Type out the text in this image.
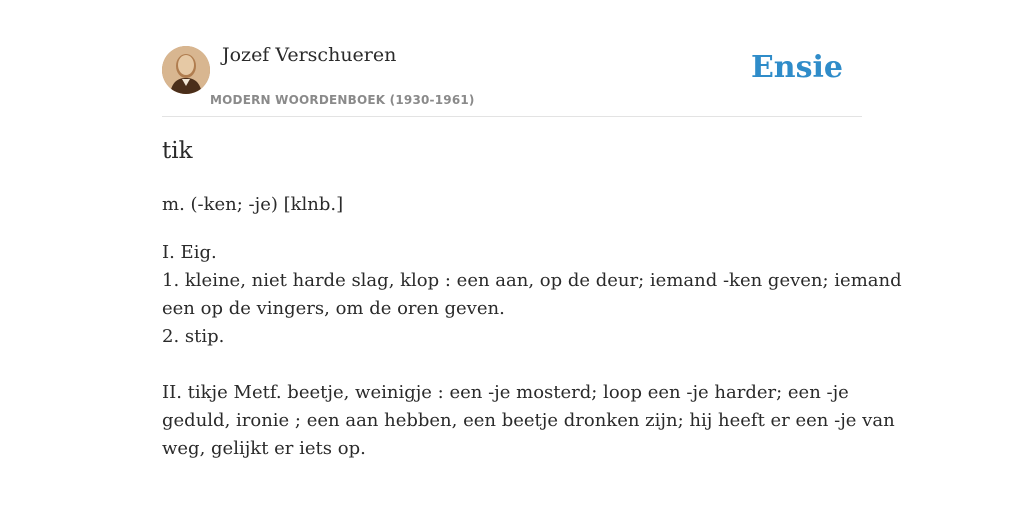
Jozef Verschueren
MODERN WOORDENBOEK (1930-1961)
Ensie
tik
m. (-ken; -je) [klnb.]
I. Eig.
1. kleine, niet harde slag, klop : een aan, op de deur; iemand -ken geven; iemand
een op de vingers, om de oren geven.
2. stip.
II. tikje Metf. beetje, weinigje : een -je mosterd; loop een -je harder; een -je
geduld, ironie ; een aan hebben, een beetje dronken zijn; hij heeft er een -je van
weg, gelijkt er iets op.
